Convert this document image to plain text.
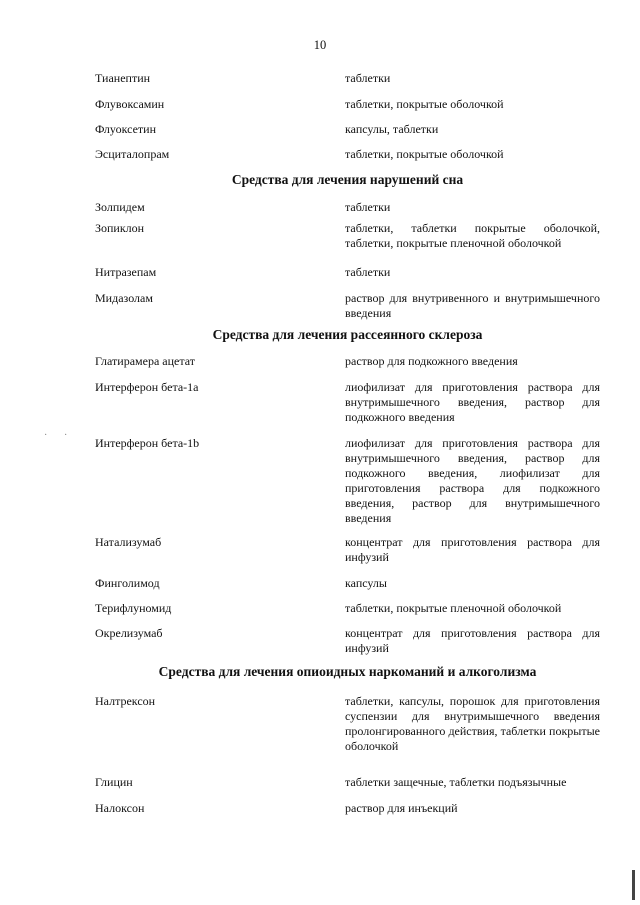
10
Тианептин	таблетки
Флувоксамин	таблетки, покрытые оболочкой
Флуоксетин	капсулы, таблетки
Эсциталопрам	таблетки, покрытые оболочкой
Средства для лечения нарушений сна
Золпидем	таблетки
Зопиклон	таблетки, таблетки покрытые оболочкой, таблетки, покрытые пленочной оболочкой
Нитразепам	таблетки
Мидазолам	раствор для внутривенного и внутримышечного введения
Средства для лечения рассеянного склероза
Глатирамера ацетат	раствор для подкожного введения
Интерферон бета-1а	лиофилизат для приготовления раствора для внутримышечного введения, раствор для подкожного введения
Интерферон бета-1b	лиофилизат для приготовления раствора для внутримышечного введения, раствор для подкожного введения, лиофилизат для приготовления раствора для подкожного введения, раствор для внутримышечного введения
Натализумаб	концентрат для приготовления раствора для инфузий
Финголимод	капсулы
Терифлуномид	таблетки, покрытые пленочной оболочкой
Окрелизумаб	концентрат для приготовления раствора для инфузий
Средства для лечения опиоидных наркоманий и алкоголизма
Налтрексон	таблетки, капсулы, порошок для приготовления суспензии для внутримышечного введения пролонгированного действия, таблетки покрытые оболочкой
Глицин	таблетки защечные, таблетки подъязычные
Налоксон	раствор для инъекций
· ·
